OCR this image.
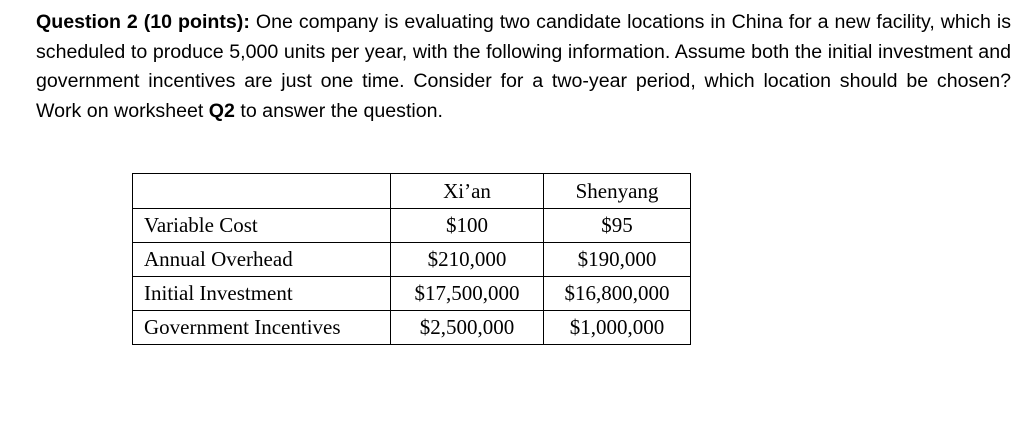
Question 2 (10 points): One company is evaluating two candidate locations in China for a new facility, which is scheduled to produce 5,000 units per year, with the following information. Assume both the initial investment and government incentives are just one time. Consider for a two-year period, which location should be chosen? Work on worksheet Q2 to answer the question.
	Xi’an	Shenyang
Variable Cost	$100	$95
Annual Overhead	$210,000	$190,000
Initial Investment	$17,500,000	$16,800,000
Government Incentives	$2,500,000	$1,000,000
